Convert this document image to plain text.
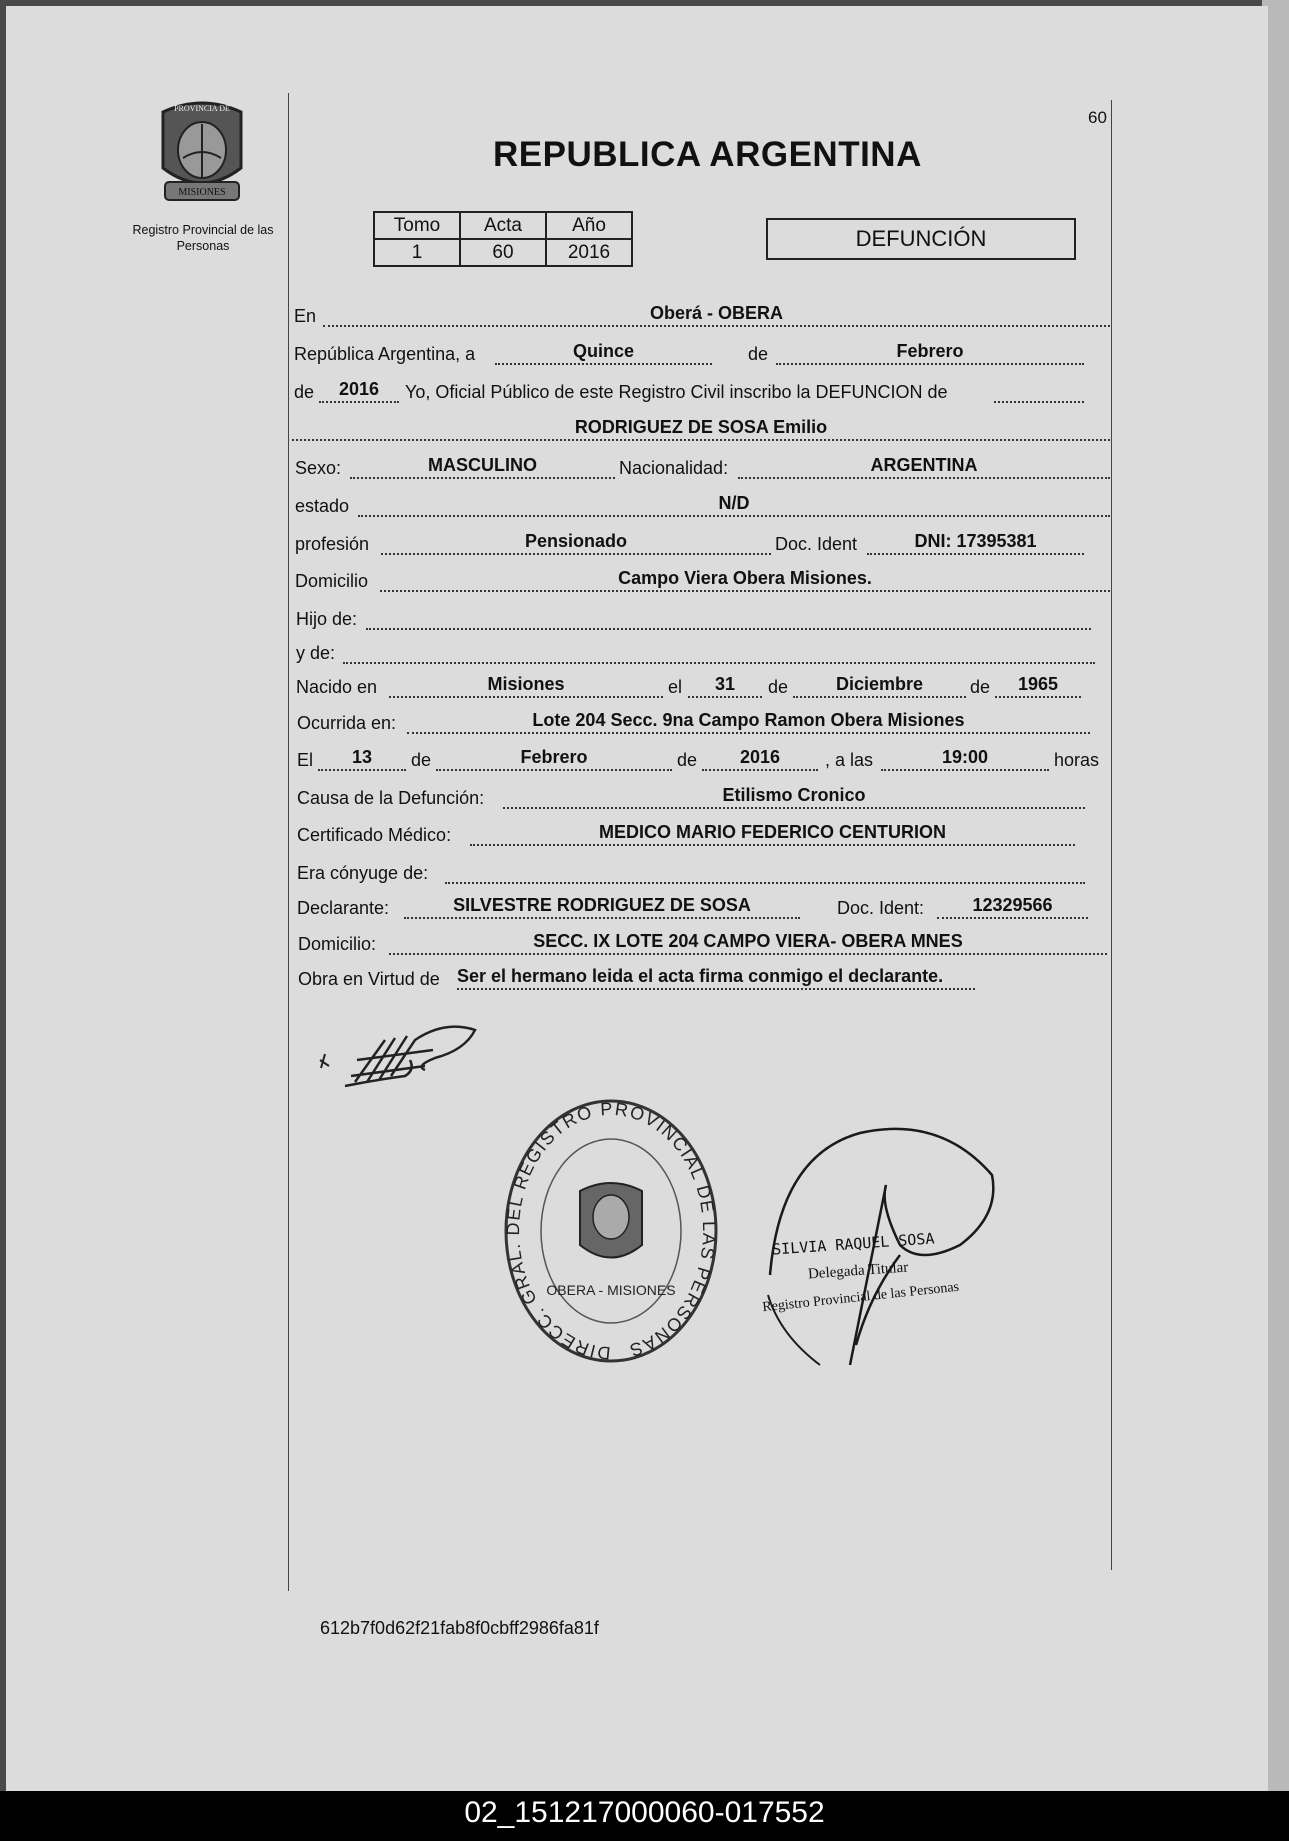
MISIONES
PROVINCIA DE
Registro Provincial de las Personas
60
REPUBLICA ARGENTINA
Tomo	Acta	Año
1	60	2016
DEFUNCIÓN
En	Oberá - OBERA
República Argentina, a	Quince	de	Febrero
de	2016	Yo, Oficial Público de este Registro Civil inscribo la DEFUNCION de
RODRIGUEZ DE SOSA Emilio
Sexo:	MASCULINO	Nacionalidad:	ARGENTINA
estado	N/D
profesión	Pensionado	Doc. Ident	DNI: 17395381
Domicilio	Campo Viera Obera Misiones.
Hijo de:
y de:
Nacido en	Misiones	el	31	de	Diciembre	de	1965
Ocurrida en:	Lote 204 Secc. 9na Campo Ramon Obera Misiones
El	13	de	Febrero	de	2016	, a las	19:00	horas
Causa de la Defunción:	Etilismo Cronico
Certificado Médico:	MEDICO MARIO FEDERICO CENTURION
Era cónyuge de:
Declarante:	SILVESTRE RODRIGUEZ DE SOSA	Doc. Ident:	12329566
Domicilio:	SECC. IX LOTE 204 CAMPO VIERA- OBERA MNES
Obra en Virtud de Ser el hermano leida el acta firma conmigo el declarante.
DIRECC. GRAL. DEL REGISTRO PROVINCIAL DE LAS PERSONAS
OBERA - MISIONES
SILVIA RAQUEL SOSA
Delegada Titular
Registro Provincial de las Personas
612b7f0d62f21fab8f0cbff2986fa81f
02_151217000060-017552
